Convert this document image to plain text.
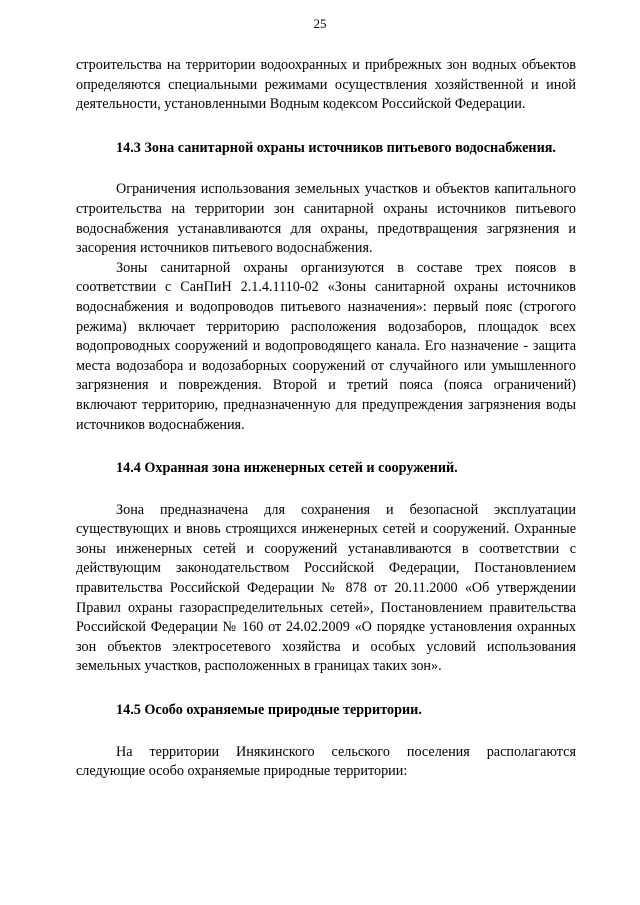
25

строительства на территории водоохранных и прибрежных зон водных объектов определяются специальными режимами осуществления хозяйственной и иной деятельности, установленными Водным кодексом Российской Федерации.

14.3 Зона санитарной охраны источников питьевого водоснабжения.

Ограничения использования земельных участков и объектов капитального строительства на территории зон санитарной охраны источников питьевого водоснабжения устанавливаются для охраны, предотвращения загрязнения и засорения источников питьевого водоснабжения.

Зоны санитарной охраны организуются в составе трех поясов в соответствии с СанПиН 2.1.4.1110-02 «Зоны санитарной охраны источников водоснабжения и водопроводов питьевого назначения»: первый пояс (строгого режима) включает территорию расположения водозаборов, площадок всех водопроводных сооружений и водопроводящего канала. Его назначение - защита места водозабора и водозаборных сооружений от случайного или умышленного загрязнения и повреждения. Второй и третий пояса (пояса ограничений) включают территорию, предназначенную для предупреждения загрязнения воды источников водоснабжения.

14.4 Охранная зона инженерных сетей и сооружений.

Зона предназначена для сохранения и безопасной эксплуатации существующих и вновь строящихся инженерных сетей и сооружений. Охранные зоны инженерных сетей и сооружений устанавливаются в соответствии с действующим законодательством Российской Федерации, Постановлением правительства Российской Федерации № 878 от 20.11.2000 «Об утверждении Правил охраны газораспределительных сетей», Постановлением правительства Российской Федерации № 160 от 24.02.2009 «О порядке установления охранных зон объектов электросетевого хозяйства и особых условий использования земельных участков, расположенных в границах таких зон».

14.5 Особо охраняемые природные территории.

На территории Инякинского сельского поселения располагаются следующие особо охраняемые природные территории:
